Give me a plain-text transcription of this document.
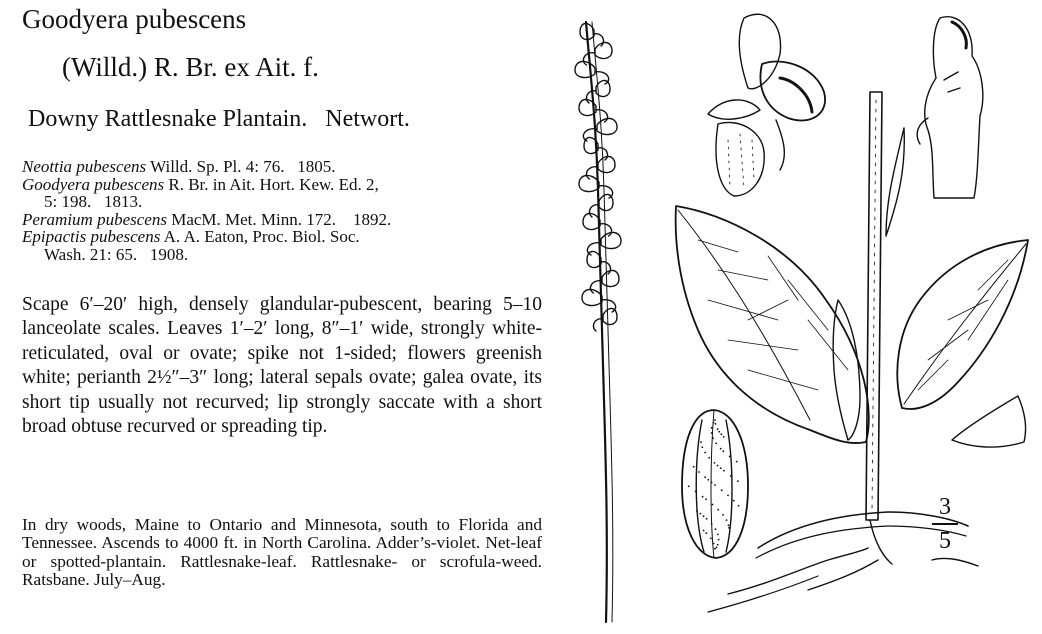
Goodyera pubescens
(Willd.) R. Br. ex Ait. f.
Downy Rattlesnake Plantain.   Networt.
Neottia pubescens Willd. Sp. Pl. 4: 76.   1805.
Goodyera pubescens R. Br. in Ait. Hort. Kew. Ed. 2,
5: 198.   1813.
Peramium pubescens MacM. Met. Minn. 172.    1892.
Epipactis pubescens A. A. Eaton, Proc. Biol. Soc.
Wash. 21: 65.   1908.

Scape 6′–20′ high, densely glandular-pubescent, bearing 5–10 lanceolate scales. Leaves 1′–2′ long, 8″–1′ wide, strongly white-reticulated, oval or ovate; spike not 1-sided; flowers greenish white; perianth 2½″–3″ long; lateral sepals ovate; galea ovate, its short tip usually not recurved; lip strongly saccate with a short broad obtuse recurved or spreading tip.

In dry woods, Maine to Ontario and Minnesota, south to Florida and Tennessee. Ascends to 4000 ft. in North Carolina. Adder’s-violet. Net-leaf or spotted-plantain. Rattlesnake-leaf. Rattlesnake- or scrofula-weed. Ratsbane. July–Aug.

3
5
